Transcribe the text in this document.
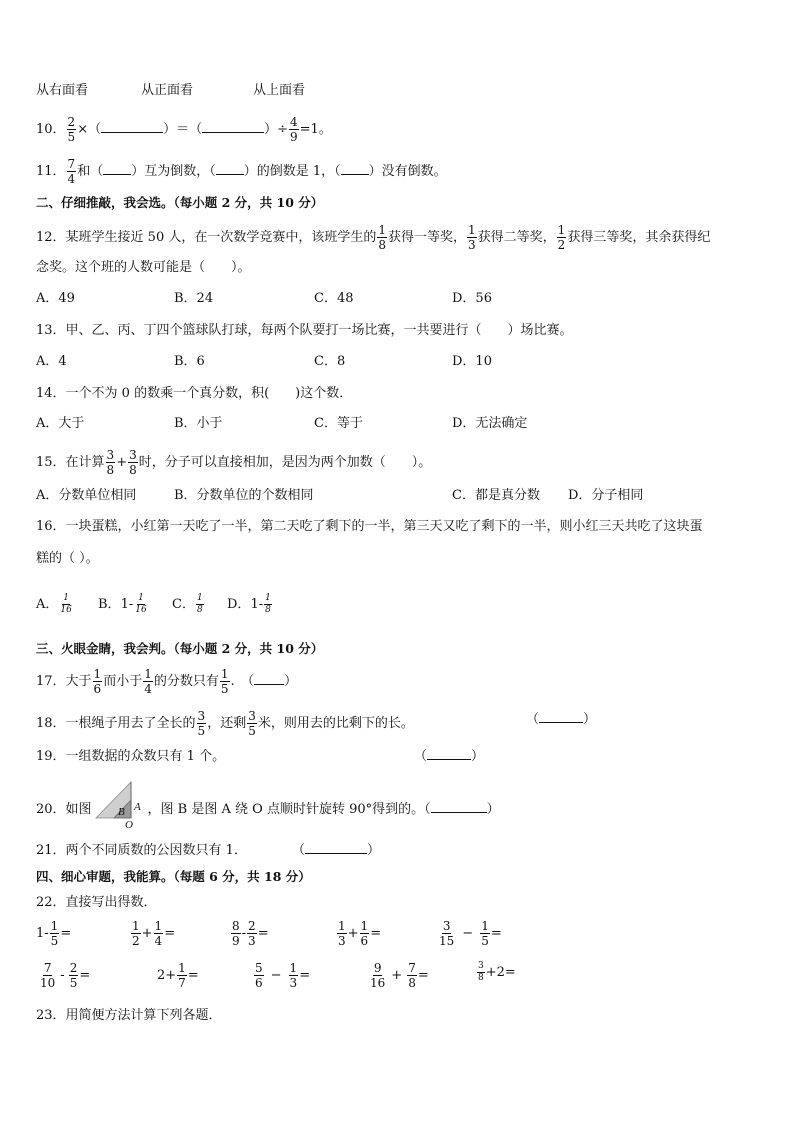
从右面看	从正面看	从上面看
10． $\frac{2}{5}$ ×（	）＝（	）÷ $\frac{4}{9} =1$。
11． $\frac{7}{4}$ 和（ ）互为倒数，（ ）的倒数是 1，（ ）没有倒数。
二、仔细推敲，我会选。（每小题 2 分，共 10 分）
12．某班学生接近 50 人，在一次数学竞赛中，该班学生的 $\frac{1}{8}$ 获得一等奖， $\frac{1}{3}$ 获得二等奖， $\frac{1}{2}$ 获得三等奖，其余获得纪
念奖。这个班的人数可能是（　　）。
A．49	B．24	C．48	D．56
13．甲、乙、丙、丁四个篮球队打球，每两个队要打一场比赛，一共要进行（　　）场比赛。
A．4	B．6	C．8	D．10
14．一个不为 0 的数乘一个真分数，积(　　)这个数．
A．大于	B．小于	C．等于	D．无法确定
15．在计算 $\frac{3}{8} + \frac{3}{8}$ 时，分子可以直接相加，是因为两个加数（　　）。
A．分数单位相同	B．分数单位的个数相同	C．都是真分数 D．分子相同
16．一块蛋糕，小红第一天吃了一半，第二天吃了剩下的一半，第三天又吃了剩下的一半，则小红三天共吃了这块蛋
糕的（ ）。
A． $\frac{1}{16}$ B．$1- \frac{1}{16}$ C． $\frac{1}{8}$ D．$1- \frac{1}{8}$
三、火眼金睛，我会判。（每小题 2 分，共 10 分）
17．大于 $\frac{1}{6}$ 而小于 $\frac{1}{4}$ 的分数只有 $\frac{1}{5}$ .　（ ）
18．一根绳子用去了全长的 $\frac{3}{5}$ ，还剩 $\frac{3}{5}$ 米，则用去的比剩下的长。	（	）
19．一组数据的众数只有 1 个。	（	）
20．如图	，图 B 是图 A 绕 O 点顺时针旋转 90°得到的。（	）
B A
O
21．两个不同质数的公因数只有 1．	（	）
四、细心审题，我能算。（每题 6 分，共 18 分）
22．直接写出得数．
$1- \frac{1}{5}$ =	$\frac{1}{2} + \frac{1}{4}$ =	$\frac{8}{9} - \frac{2}{3}$ =	$\frac{1}{3} + \frac{1}{6}$ =	$\frac{3}{15} - \frac{1}{5}$ =
$\frac{7}{10} - \frac{2}{5}$ =	$2+ \frac{1}{7}$ =	$\frac{5}{6} - \frac{1}{3}$ =	$\frac{9}{16} + \frac{7}{8}$ =	$\frac{3}{8} +2=$
23．用简便方法计算下列各题．
